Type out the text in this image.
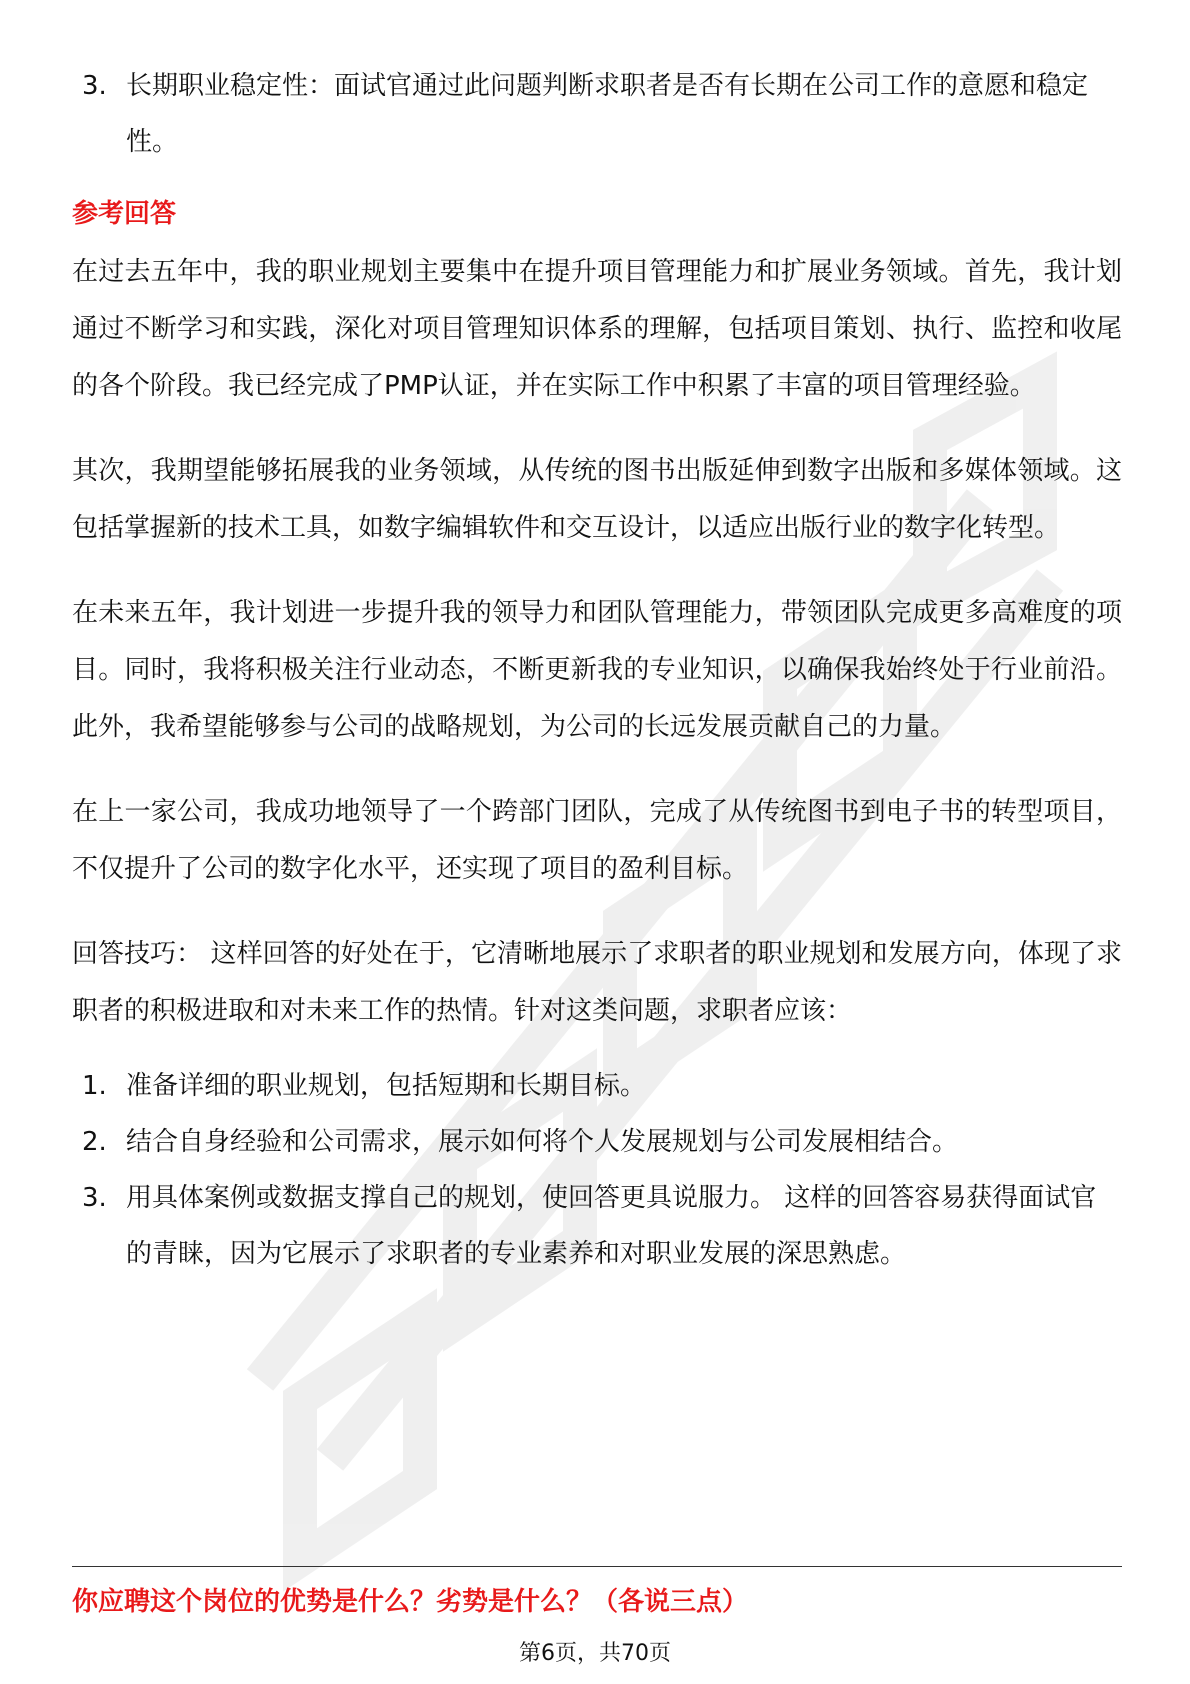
3. 长期职业稳定性：面试官通过此问题判断求职者是否有长期在公司工作的意愿和稳定性。
参考回答

在过去五年中，我的职业规划主要集中在提升项目管理能力和扩展业务领域。首先，我计划通过不断学习和实践，深化对项目管理知识体系的理解，包括项目策划、执行、监控和收尾的各个阶段。我已经完成了PMP认证，并在实际工作中积累了丰富的项目管理经验。

其次，我期望能够拓展我的业务领域，从传统的图书出版延伸到数字出版和多媒体领域。这包括掌握新的技术工具，如数字编辑软件和交互设计，以适应出版行业的数字化转型。

在未来五年，我计划进一步提升我的领导力和团队管理能力，带领团队完成更多高难度的项目。同时，我将积极关注行业动态，不断更新我的专业知识，以确保我始终处于行业前沿。此外，我希望能够参与公司的战略规划，为公司的长远发展贡献自己的力量。

在上一家公司，我成功地领导了一个跨部门团队，完成了从传统图书到电子书的转型项目，不仅提升了公司的数字化水平，还实现了项目的盈利目标。

回答技巧： 这样回答的好处在于，它清晰地展示了求职者的职业规划和发展方向，体现了求职者的积极进取和对未来工作的热情。针对这类问题，求职者应该：

1. 准备详细的职业规划，包括短期和长期目标。
2. 结合自身经验和公司需求，展示如何将个人发展规划与公司发展相结合。
3. 用具体案例或数据支撑自己的规划，使回答更具说服力。 这样的回答容易获得面试官的青睐，因为它展示了求职者的专业素养和对职业发展的深思熟虑。
你应聘这个岗位的优势是什么？劣势是什么？（各说三点）
第6页，共70页
